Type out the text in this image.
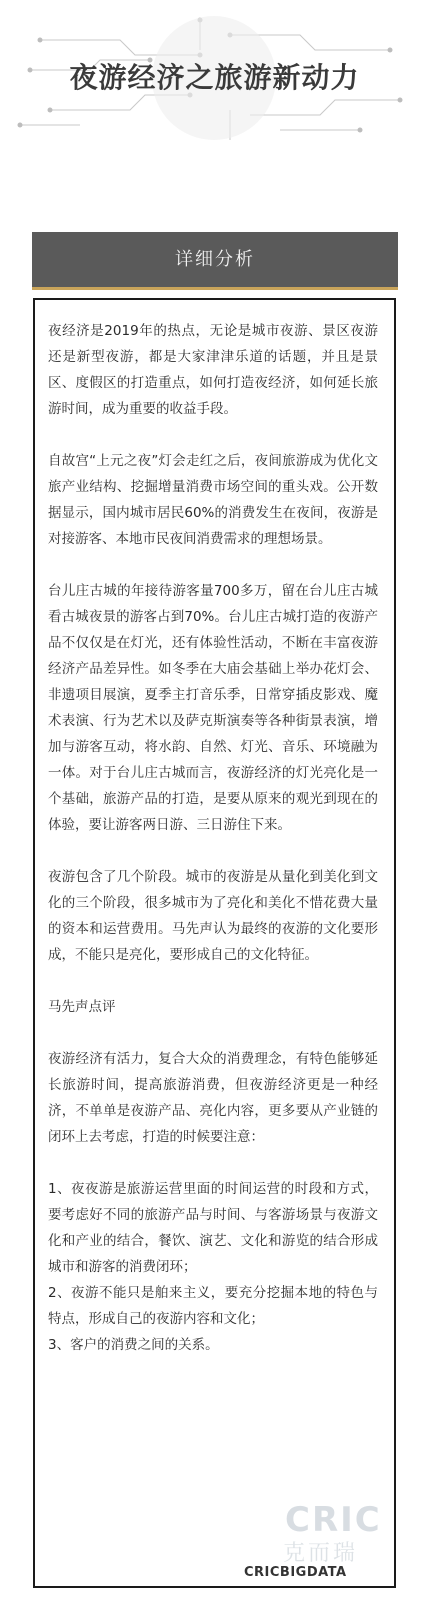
夜游经济之旅游新动力
详细分析

夜经济是2019年的热点，无论是城市夜游、景区夜游还是新型夜游，都是大家津津乐道的话题，并且是景区、度假区的打造重点，如何打造夜经济，如何延长旅游时间，成为重要的收益手段。

自故宫“上元之夜”灯会走红之后，夜间旅游成为优化文旅产业结构、挖掘增量消费市场空间的重头戏。公开数据显示，国内城市居民60%的消费发生在夜间，夜游是对接游客、本地市民夜间消费需求的理想场景。

台儿庄古城的年接待游客量700多万，留在台儿庄古城看古城夜景的游客占到70%。台儿庄古城打造的夜游产品不仅仅是在灯光，还有体验性活动，不断在丰富夜游经济产品差异性。如冬季在大庙会基础上举办花灯会、非遗项目展演，夏季主打音乐季，日常穿插皮影戏、魔术表演、行为艺术以及萨克斯演奏等各种街景表演，增加与游客互动，将水韵、自然、灯光、音乐、环境融为一体。对于台儿庄古城而言，夜游经济的灯光亮化是一个基础，旅游产品的打造，是要从原来的观光到现在的体验，要让游客两日游、三日游住下来。

夜游包含了几个阶段。城市的夜游是从量化到美化到文化的三个阶段，很多城市为了亮化和美化不惜花费大量的资本和运营费用。马先声认为最终的夜游的文化要形成，不能只是亮化，要形成自己的文化特征。

马先声点评

夜游经济有活力，复合大众的消费理念，有特色能够延长旅游时间，提高旅游消费，但夜游经济更是一种经济，不单单是夜游产品、亮化内容，更多要从产业链的闭环上去考虑，打造的时候要注意：

1、夜夜游是旅游运营里面的时间运营的时段和方式，要考虑好不同的旅游产品与时间、与客游场景与夜游文化和产业的结合，餐饮、演艺、文化和游览的结合形成城市和游客的消费闭环；

2、夜游不能只是舶来主义，要充分挖掘本地的特色与特点，形成自己的夜游内容和文化；

3、客户的消费之间的关系。

CRIC
克而瑞
CRICBIGDATA
